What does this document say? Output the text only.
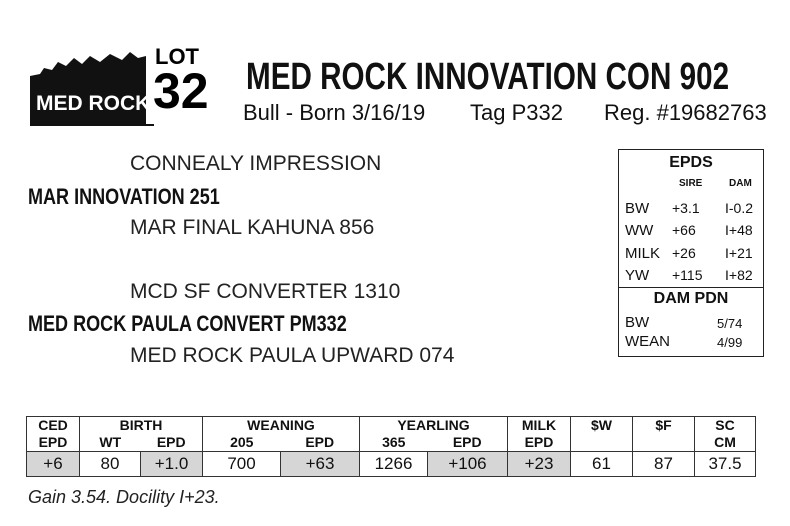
LOT
32
MED ROCK
MED ROCK INNOVATION CON 902
Bull - Born 3/16/19 Tag P332 Reg. #19682763
CONNEALY IMPRESSION
MAR INNOVATION 251
MAR FINAL KAHUNA 856
MCD SF CONVERTER 1310
MED ROCK PAULA CONVERT PM332
MED ROCK PAULA UPWARD 074
EPDS
SIRE	DAM
BW +3.1 I-0.2
WW +66 I+48
MILK +26 I+21
YW +115 I+82
DAM PDN
BW	5/74
WEAN	4/99
CED	BIRTH		WEANING		YEARLING		MILK	$W	$F	SC
EPD	WT	EPD	205	EPD	365	EPD	EPD			CM
+6	80	+1.0	700	+63	1266	+106	+23	61	87	37.5
Gain 3.54. Docility I+23.
